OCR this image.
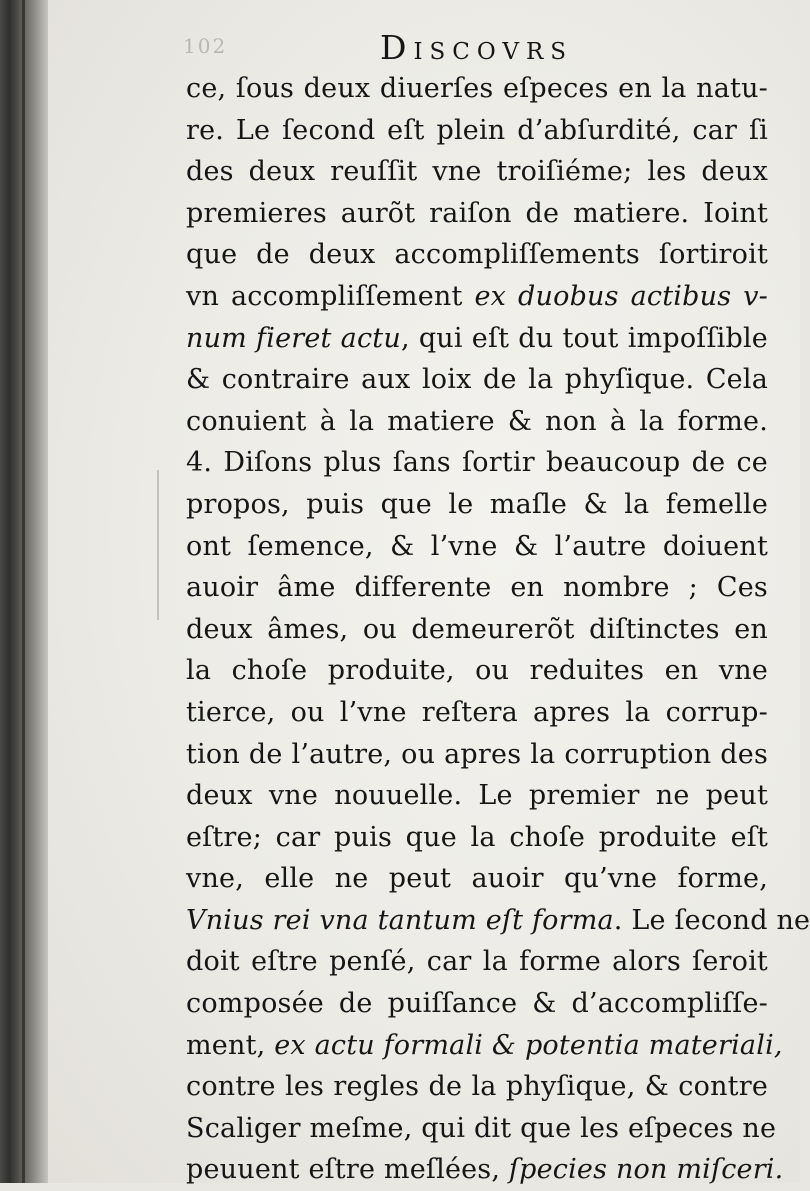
102	Discovrs
ce, ſous deux diuerſes eſpeces en la natu-
re. Le ſecond eſt plein d’abſurdité, car ſi
des deux reuſſit vne troiſiéme; les deux
premieres aurõt raiſon de matiere. Ioint
que de deux accompliſſements ſortiroit
vn accompliſſement ex duobus actibus v-
num fieret actu, qui eſt du tout impoſſible
& contraire aux loix de la phyſique. Cela
conuient à la matiere & non à la forme.
4. Diſons plus ſans ſortir beaucoup de ce
propos, puis que le maſle & la femelle
ont ſemence, & l’vne & l’autre doiuent
auoir âme differente en nombre ; Ces
deux âmes, ou demeurerõt diſtinctes en
la choſe produite, ou reduites en vne
tierce, ou l’vne reſtera apres la corrup-
tion de l’autre, ou apres la corruption des
deux vne nouuelle. Le premier ne peut
eſtre; car puis que la choſe produite eſt
vne, elle ne peut auoir qu’vne forme,
Vnius rei vna tantum eſt forma. Le ſecond ne
doit eſtre penſé, car la forme alors ſeroit
composée de puiſſance & d’accompliſſe-
ment, ex actu formali & potentia materiali,
contre les regles de la phyſique, & contre
Scaliger meſme, qui dit que les eſpeces ne
peuuent eſtre meſlées, ſpecies non miſceri.
